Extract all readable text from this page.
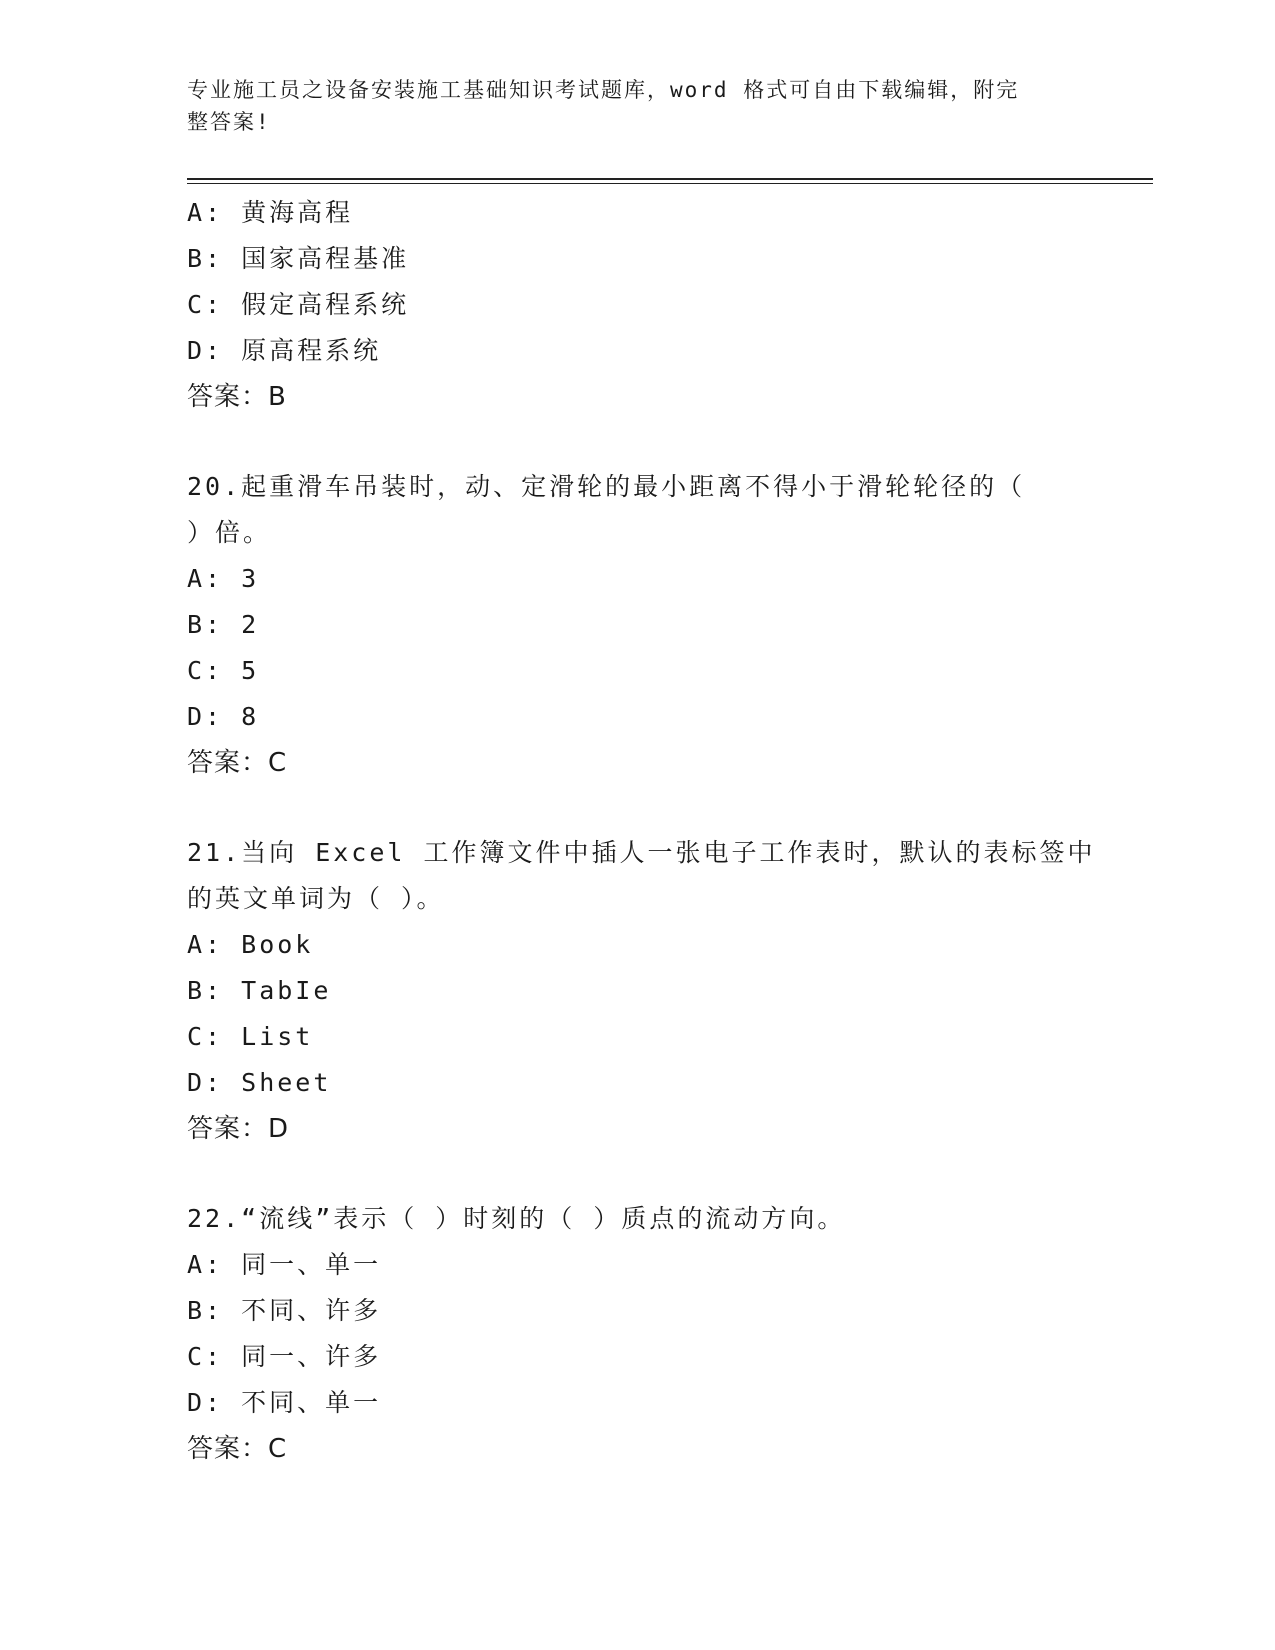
专业施工员之设备安装施工基础知识考试题库，word 格式可自由下载编辑，附完
整答案!
A: 黄海高程
B: 国家高程基准
C: 假定高程系统
D: 原高程系统
答案：B
20.起重滑车吊装时，动、定滑轮的最小距离不得小于滑轮轮径的（
）倍。
A: 3
B: 2
C: 5
D: 8
答案：C
21.当向 Excel 工作簿文件中插人一张电子工作表时，默认的表标签中
的英文单词为（ ）。
A: Book
B: TabIe
C: List
D: Sheet
答案：D
22.“流线”表示（ ）时刻的（ ）质点的流动方向。
A: 同一、单一
B: 不同、许多
C: 同一、许多
D: 不同、单一
答案：C
